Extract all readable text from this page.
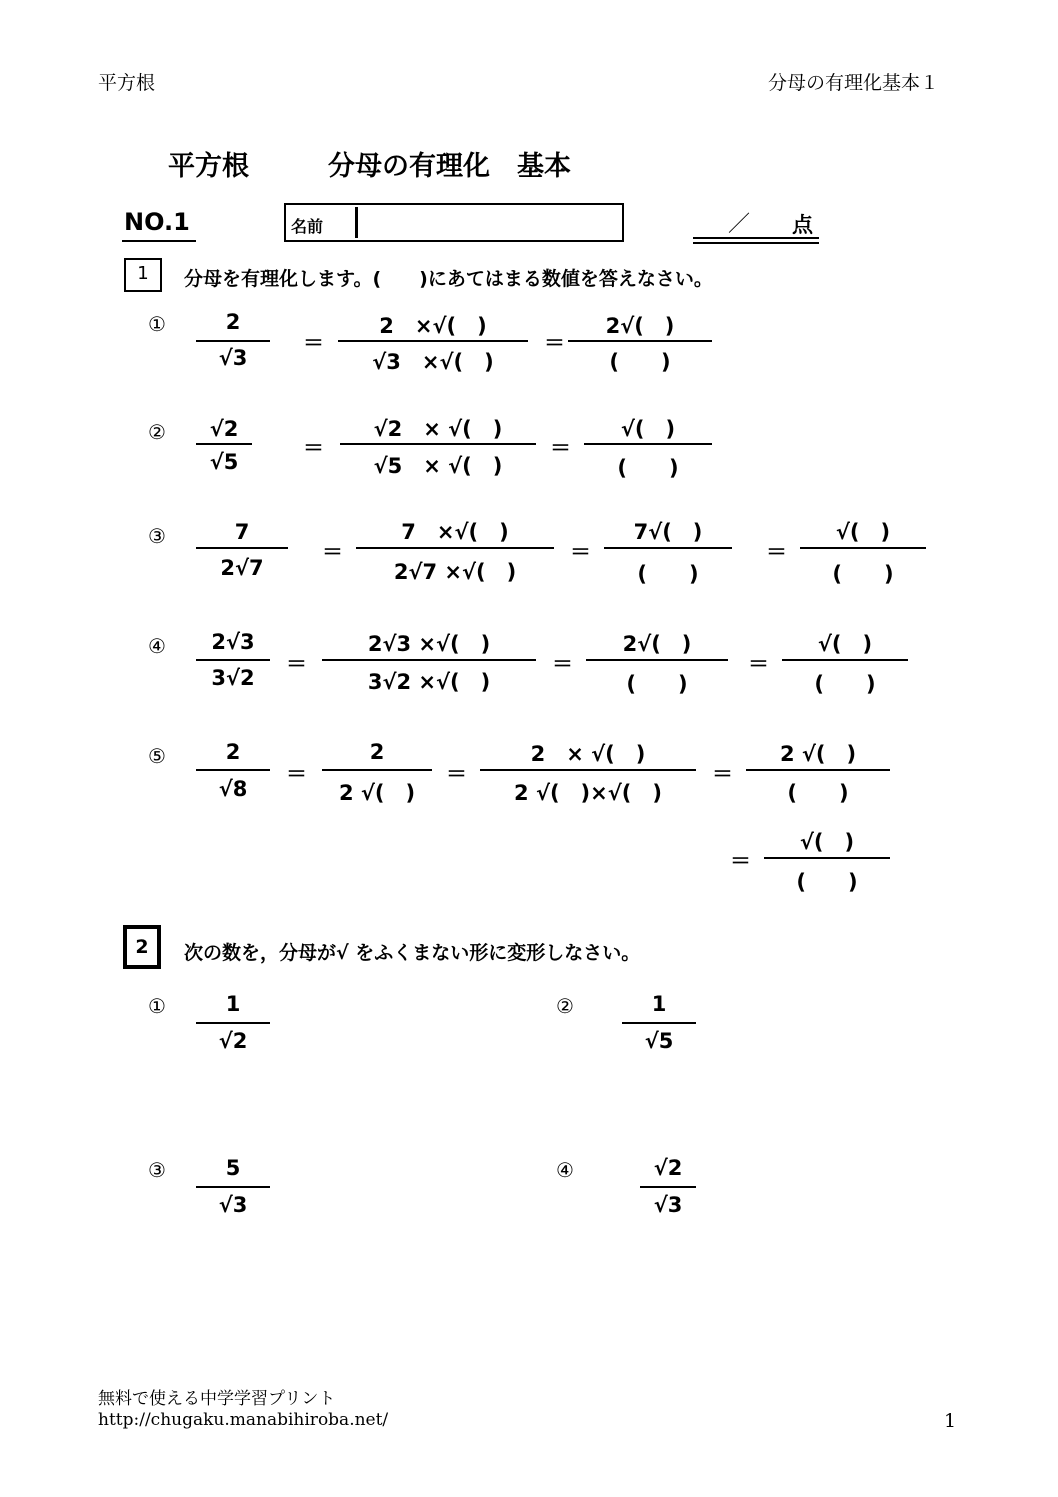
平方根	分母の有理化基本１
平方根	分母の有理化　基本
NO.1	名前	／ 点
1	分母を有理化します。(　　)にあてはまる数値を答えなさい。
①	2
√3
＝
2　×√(　)
√3　×√(　)
＝
2√(　)
(　　)
②	√2
√5
＝
√2　× √(　)
√5　× √(　)
＝
√(　)
(　　)
③	7
2√7
＝
7　×√(　)
2√7 ×√(　)
＝
7√(　)
(　　)
＝
√(　)
(　　)
④	2√3
3√2
＝
2√3 ×√(　)
3√2 ×√(　)
＝
2√(　)
(　　)
＝
√(　)
(　　)
⑤	2
√8
＝
2
2 √(　)
＝
2　× √(　)
2 √(　)×√(　)
＝
2 √(　)
(　　)
＝
√(　)
(　　)
2	次の数を，分母が√ をふくまない形に変形しなさい。
①	1
√2
②	1
√5
③	5
√3
④	√2
√3
無料で使える中学学習プリント
http://chugaku.manabihiroba.net/	1
